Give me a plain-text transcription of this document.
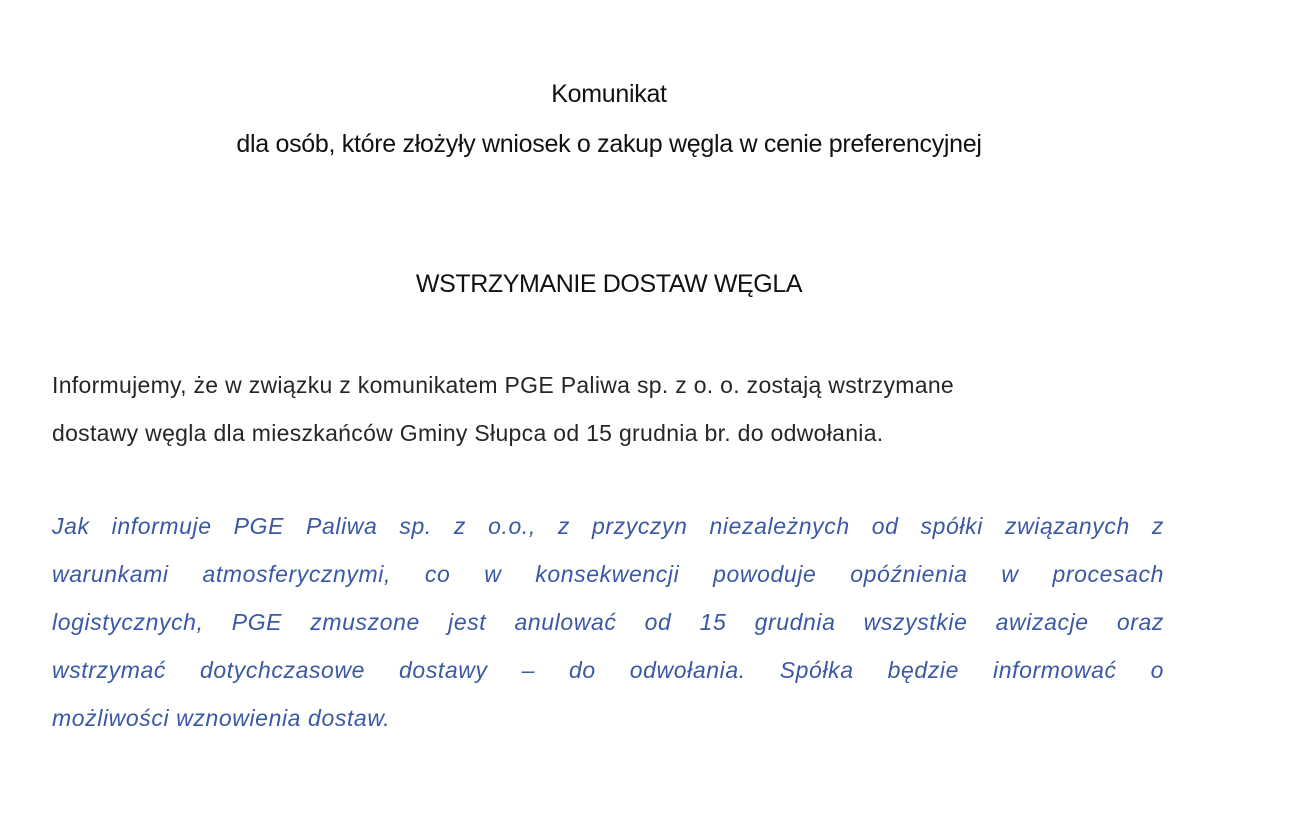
Komunikat
dla osób, które złożyły wniosek o zakup węgla w cenie preferencyjnej
WSTRZYMANIE DOSTAW WĘGLA
Informujemy, że w związku z komunikatem PGE Paliwa sp. z o. o. zostają wstrzymane
dostawy węgla dla mieszkańców Gminy Słupca od 15 grudnia br. do odwołania.
Jak informuje PGE Paliwa sp. z o.o., z przyczyn niezależnych od spółki związanych z
warunkami atmosferycznymi, co w konsekwencji powoduje opóźnienia w procesach
logistycznych, PGE zmuszone jest anulować od 15 grudnia wszystkie awizacje oraz
wstrzymać dotychczasowe dostawy – do odwołania. Spółka będzie informować o
możliwości wznowienia dostaw.
